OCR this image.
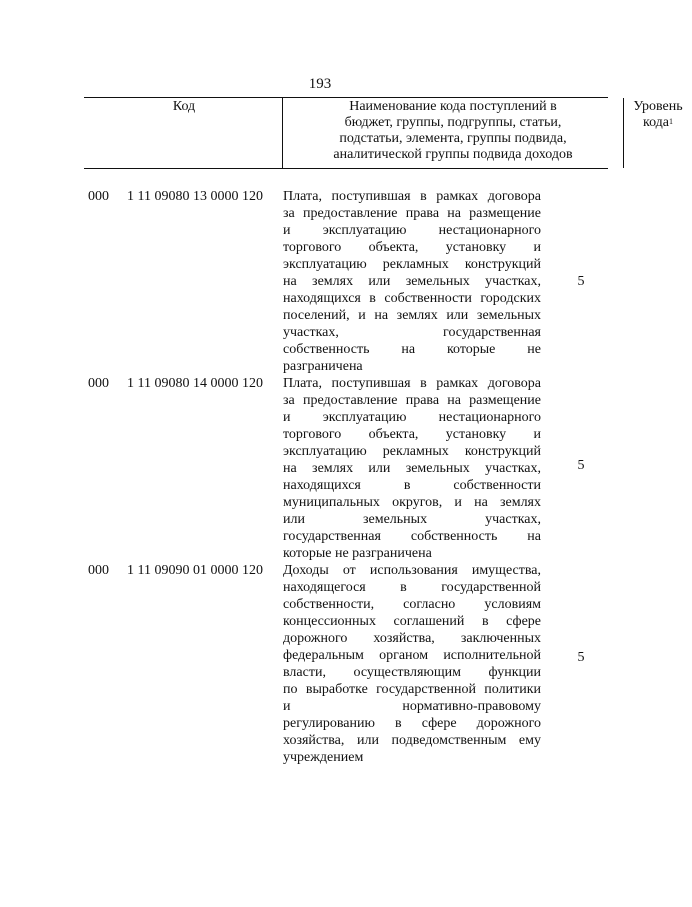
193
Код	Наименование кода поступлений в
бюджет, группы, подгруппы, статьи,
подстатьи, элемента, группы подвида,
аналитической группы подвида доходов
Уровень
кода$^1$
000 1 11 09080 13 0000 120 Плата, поступившая в рамках договора
за предоставление права на размещение
и эксплуатацию нестационарного
торгового объекта, установку и
эксплуатацию рекламных конструкций
на землях или земельных участках,
находящихся в собственности городских
поселений, и на землях или земельных
участках, государственная
собственность на которые не
разграничена
5
000 1 11 09080 14 0000 120 Плата, поступившая в рамках договора
за предоставление права на размещение
и эксплуатацию нестационарного
торгового объекта, установку и
эксплуатацию рекламных конструкций
на землях или земельных участках,
находящихся в собственности
муниципальных округов, и на землях
или земельных участках,
государственная собственность на
которые не разграничена
5
000 1 11 09090 01 0000 120 Доходы от использования имущества,
находящегося в государственной
собственности, согласно условиям
концессионных соглашений в сфере
дорожного хозяйства, заключенных
федеральным органом исполнительной
власти, осуществляющим функции
по выработке государственной политики
и нормативно-правовому
регулированию в сфере дорожного
хозяйства, или подведомственным ему
учреждением
5
